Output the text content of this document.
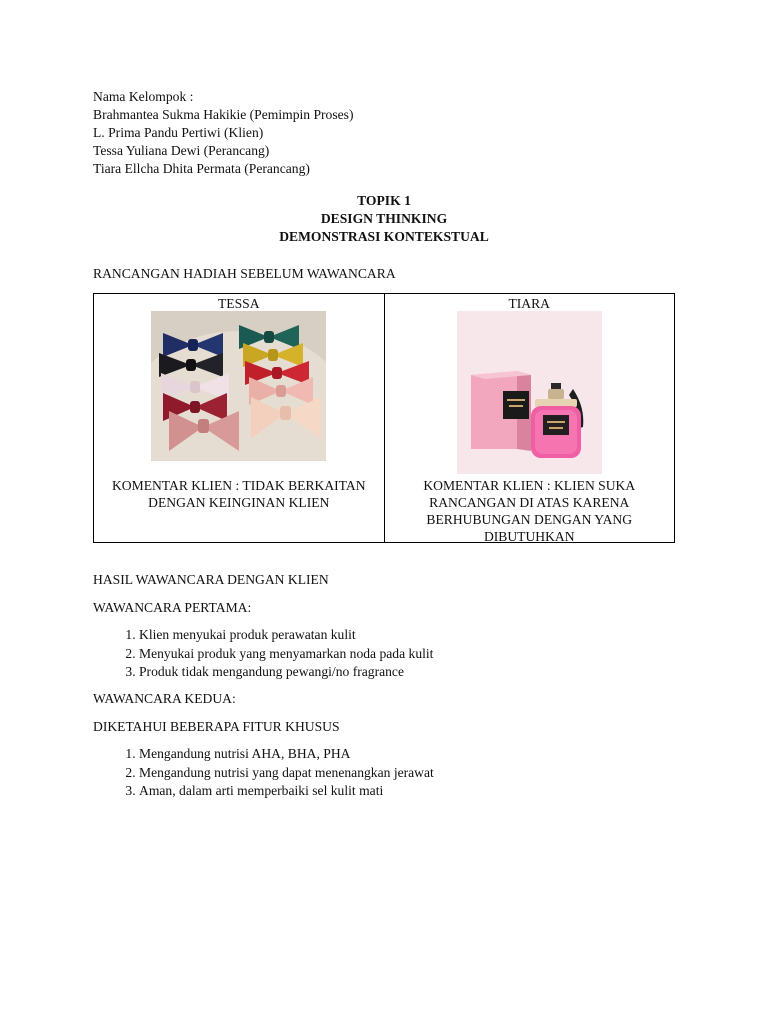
Nama Kelompok :
Brahmantea Sukma Hakikie (Pemimpin Proses)
L. Prima Pandu Pertiwi (Klien)
Tessa Yuliana Dewi (Perancang)
Tiara Ellcha Dhita Permata (Perancang)
TOPIK 1
DESIGN THINKING
DEMONSTRASI KONTEKSTUAL
RANCANGAN HADIAH SEBELUM WAWANCARA
TESSA
KOMENTAR KLIEN : TIDAK BERKAITAN DENGAN KEINGINAN KLIEN

TIARA
KOMENTAR KLIEN : KLIEN SUKA RANCANGAN DI ATAS KARENA BERHUBUNGAN DENGAN YANG DIBUTUHKAN
HASIL WAWANCARA DENGAN KLIEN
WAWANCARA PERTAMA:
1. Klien menyukai produk perawatan kulit
2. Menyukai produk yang menyamarkan noda pada kulit
3. Produk tidak mengandung pewangi/no fragrance
WAWANCARA KEDUA:
DIKETAHUI BEBERAPA FITUR KHUSUS
1. Mengandung nutrisi AHA, BHA, PHA
2. Mengandung nutrisi yang dapat menenangkan jerawat
3. Aman, dalam arti memperbaiki sel kulit mati
